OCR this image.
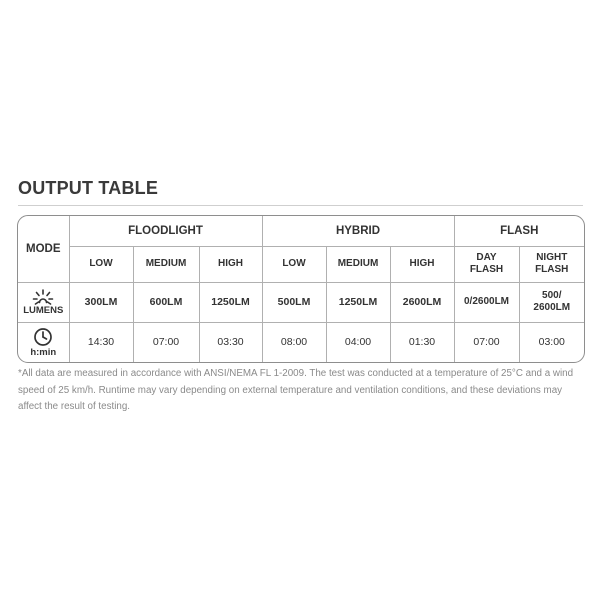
OUTPUT TABLE
MODE	FLOODLIGHT			HYBRID			FLASH	
	LOW	MEDIUM	HIGH	LOW	MEDIUM	HIGH	DAY FLASH	NIGHT FLASH

LUMENS	300LM	600LM	1250LM	500LM	1250LM	2600LM	0/2600LM	500/ 2600LM

h:min	14:30	07:00	03:30	08:00	04:00	01:30	07:00	03:00
*All data are measured in accordance with ANSI/NEMA FL 1-2009. The test was conducted at a temperature of 25°C and a wind speed of 25 km/h. Runtime may vary depending on external temperature and ventilation conditions, and these deviations may affect the result of testing.
